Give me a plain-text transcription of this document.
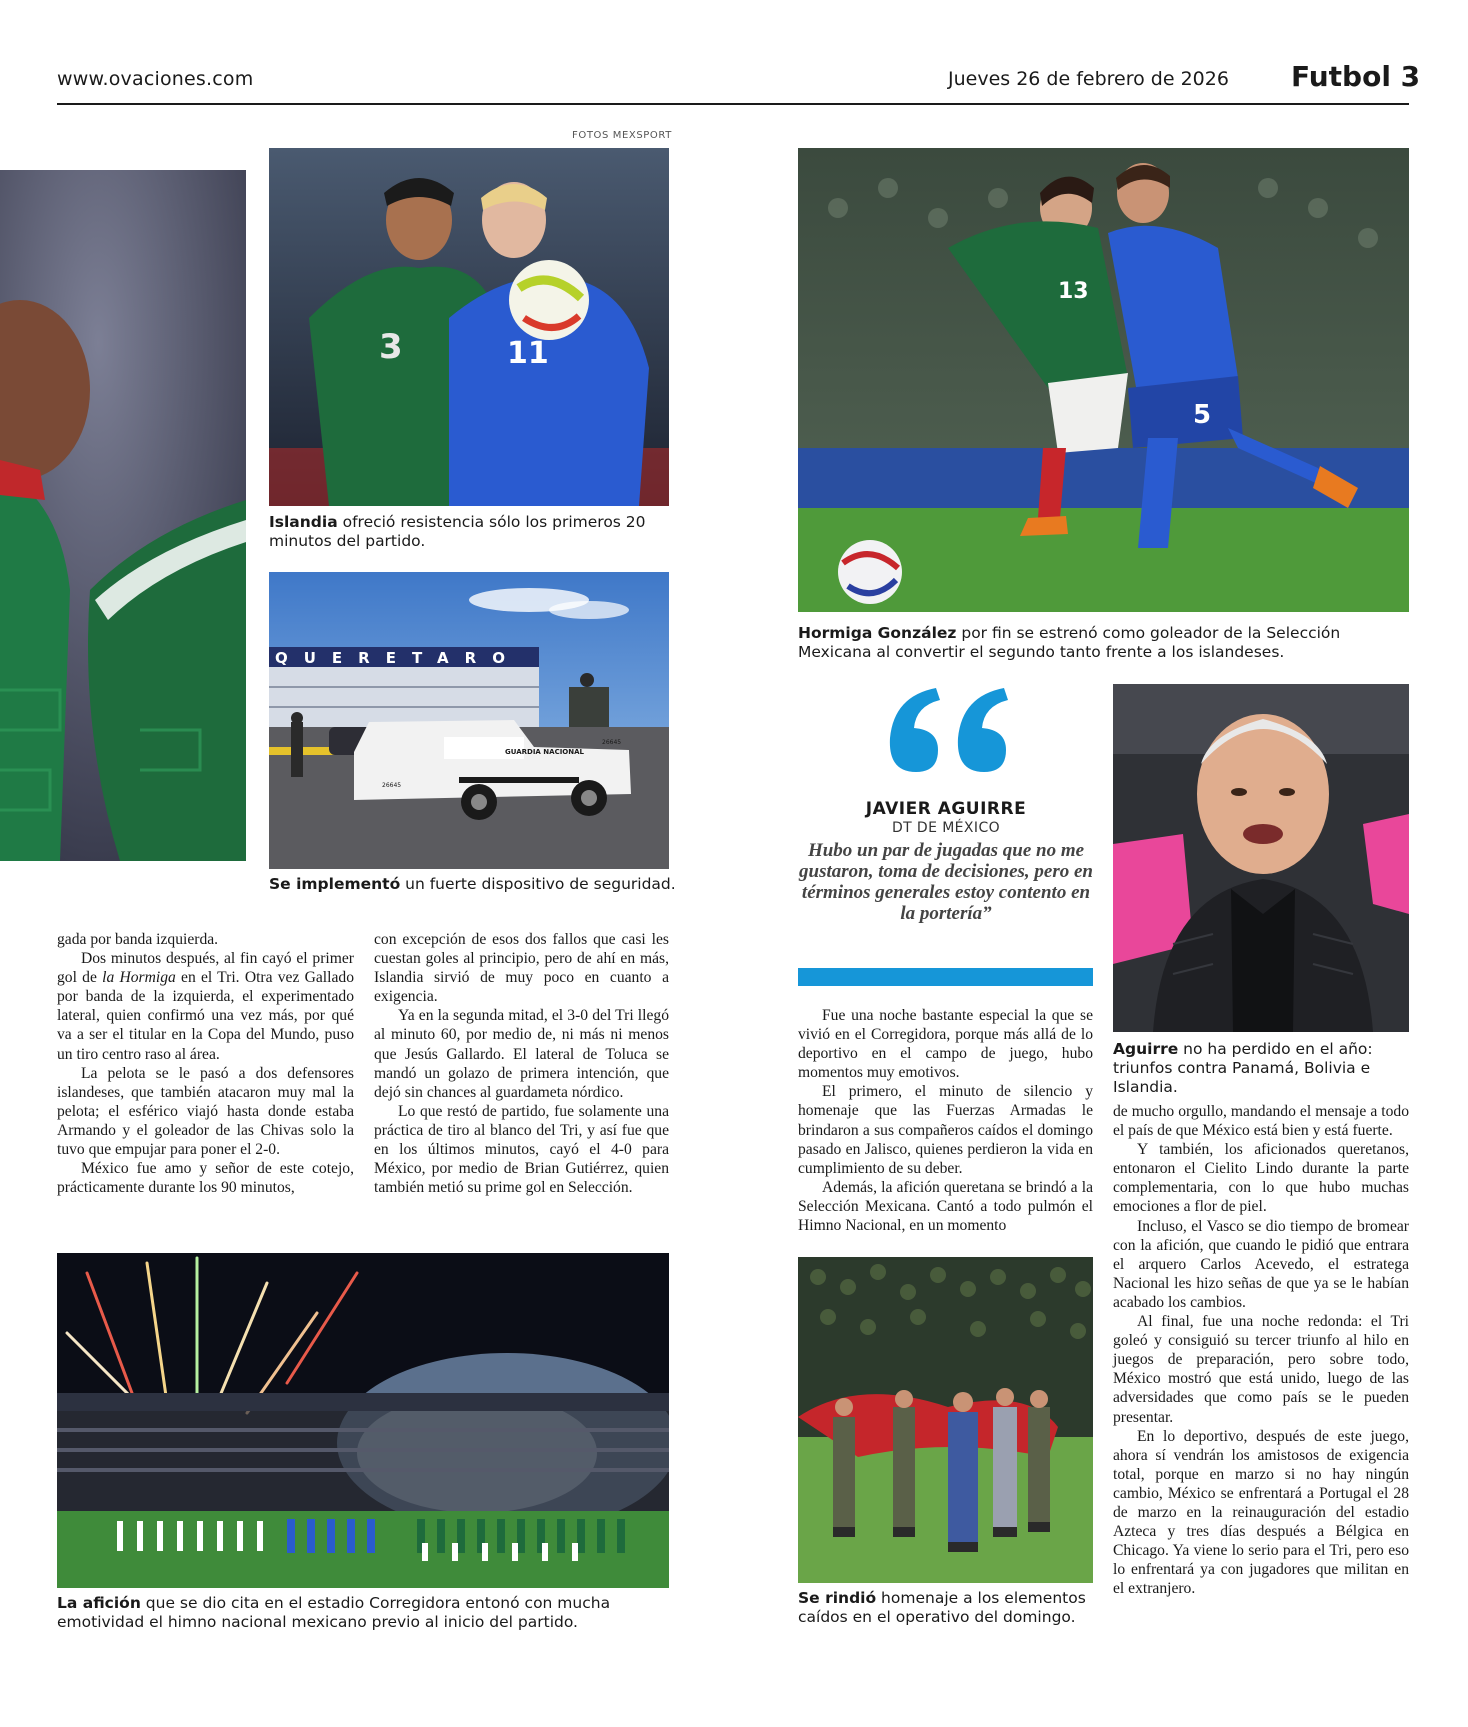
www.ovaciones.com	Jueves 26 de febrero de 2026 Futbol 3
FOTOS MEXSPORT
3	11
Islandia ofreció resistencia sólo los primeros 20 minutos del partido.
QUERETARO
GUARDIA NACIONAL
26645
26645
Se implementó un fuerte dispositivo de seguridad.
13
5
Hormiga González por fin se estrenó como goleador de la Selección Mexicana al convertir el segundo tanto frente a los islandeses.
JAVIER AGUIRRE
DT DE MÉXICO
Hubo un par de jugadas que no me gustaron, toma de decisiones, pero en términos generales estoy contento en la portería”
Aguirre no ha perdido en el año: triunfos contra Panamá, Bolivia e Islandia.

gada por banda izquierda.

Dos minutos después, al fin cayó el primer gol de la Hormiga en el Tri. Otra vez Gallado por banda de la izquierda, el experimentado lateral, quien confirmó una vez más, por qué va a ser el titular en la Copa del Mundo, puso un tiro centro raso al área.

La pelota se le pasó a dos defensores islandeses, que también atacaron muy mal la pelota; el esférico viajó hasta donde estaba Armando y el goleador de las Chivas solo la tuvo que empujar para poner el 2-0.

México fue amo y señor de este cotejo, prácticamente durante los 90 minutos,

con excepción de esos dos fallos que casi les cuestan goles al principio, pero de ahí en más, Islandia sirvió de muy poco en cuanto a exigencia.

Ya en la segunda mitad, el 3-0 del Tri llegó al minuto 60, por medio de, ni más ni menos que Jesús Gallardo. El lateral de Toluca se mandó un golazo de primera intención, que dejó sin chances al guardameta nórdico.

Lo que restó de partido, fue solamente una práctica de tiro al blanco del Tri, y así fue que en los últimos minutos, cayó el 4-0 para México, por medio de Brian Gutiérrez, quien también metió su prime gol en Selección.

Fue una noche bastante especial la que se vivió en el Corregidora, porque más allá de lo deportivo en el campo de juego, hubo momentos muy emotivos.

El primero, el minuto de silencio y homenaje que las Fuerzas Armadas le brindaron a sus compañeros caídos el domingo pasado en Jalisco, quienes perdieron la vida en cumplimiento de su deber.

Además, la afición queretana se brindó a la Selección Mexicana. Cantó a todo pulmón el Himno Nacional, en un momento

de mucho orgullo, mandando el mensaje a todo el país de que México está bien y está fuerte.

Y también, los aficionados queretanos, entonaron el Cielito Lindo durante la parte complementaria, con lo que hubo muchas emociones a flor de piel.

Incluso, el Vasco se dio tiempo de bromear con la afición, que cuando le pidió que entrara el arquero Carlos Acevedo, el estratega Nacional les hizo señas de que ya se le habían acabado los cambios.

Al final, fue una noche redonda: el Tri goleó y consiguió su tercer triunfo al hilo en juegos de preparación, pero sobre todo, México mostró que está unido, luego de las adversidades que como país se le pueden presentar.

En lo deportivo, después de este juego, ahora sí vendrán los amistosos de exigencia total, porque en marzo si no hay ningún cambio, México se enfrentará a Portugal el 28 de marzo en la reinauguración del estadio Azteca y tres días después a Bélgica en Chicago. Ya viene lo serio para el Tri, pero eso lo enfrentará ya con jugadores que militan en el extranjero.

La afición que se dio cita en el estadio Corregidora entonó con mucha emotividad el himno nacional mexicano previo al inicio del partido.
Se rindió homenaje a los elementos caídos en el operativo del domingo.
